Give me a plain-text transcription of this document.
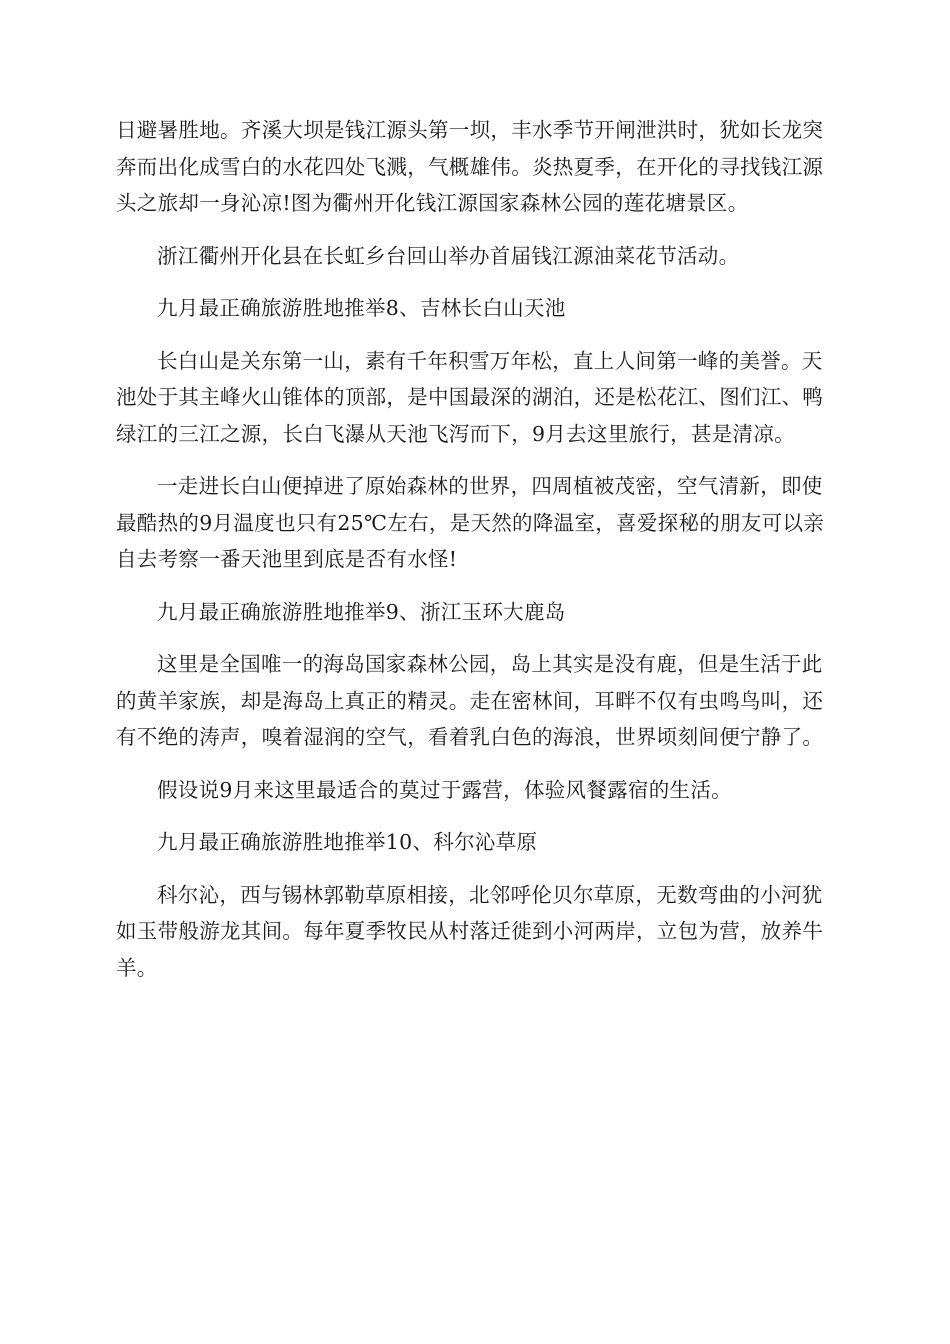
日避暑胜地。齐溪大坝是钱江源头第一坝，丰水季节开闸泄洪时，犹如长龙突奔而出化成雪白的水花四处飞溅，气概雄伟。炎热夏季，在开化的寻找钱江源头之旅却一身沁凉!图为衢州开化钱江源国家森林公园的莲花塘景区。

浙江衢州开化县在长虹乡台回山举办首届钱江源油菜花节活动。

九月最正确旅游胜地推举8、吉林长白山天池

长白山是关东第一山，素有千年积雪万年松，直上人间第一峰的美誉。天池处于其主峰火山锥体的顶部，是中国最深的湖泊，还是松花江、图们江、鸭绿江的三江之源，长白飞瀑从天池飞泻而下，9月去这里旅行，甚是清凉。

一走进长白山便掉进了原始森林的世界，四周植被茂密，空气清新，即使最酷热的9月温度也只有25℃左右，是天然的降温室，喜爱探秘的朋友可以亲自去考察一番天池里到底是否有水怪!

九月最正确旅游胜地推举9、浙江玉环大鹿岛

这里是全国唯一的海岛国家森林公园，岛上其实是没有鹿，但是生活于此的黄羊家族，却是海岛上真正的精灵。走在密林间，耳畔不仅有虫鸣鸟叫，还有不绝的涛声，嗅着湿润的空气，看着乳白色的海浪，世界顷刻间便宁静了。

假设说9月来这里最适合的莫过于露营，体验风餐露宿的生活。

九月最正确旅游胜地推举10、科尔沁草原

科尔沁，西与锡林郭勒草原相接，北邻呼伦贝尔草原，无数弯曲的小河犹如玉带般游龙其间。每年夏季牧民从村落迁徙到小河两岸，立包为营，放养牛羊。
